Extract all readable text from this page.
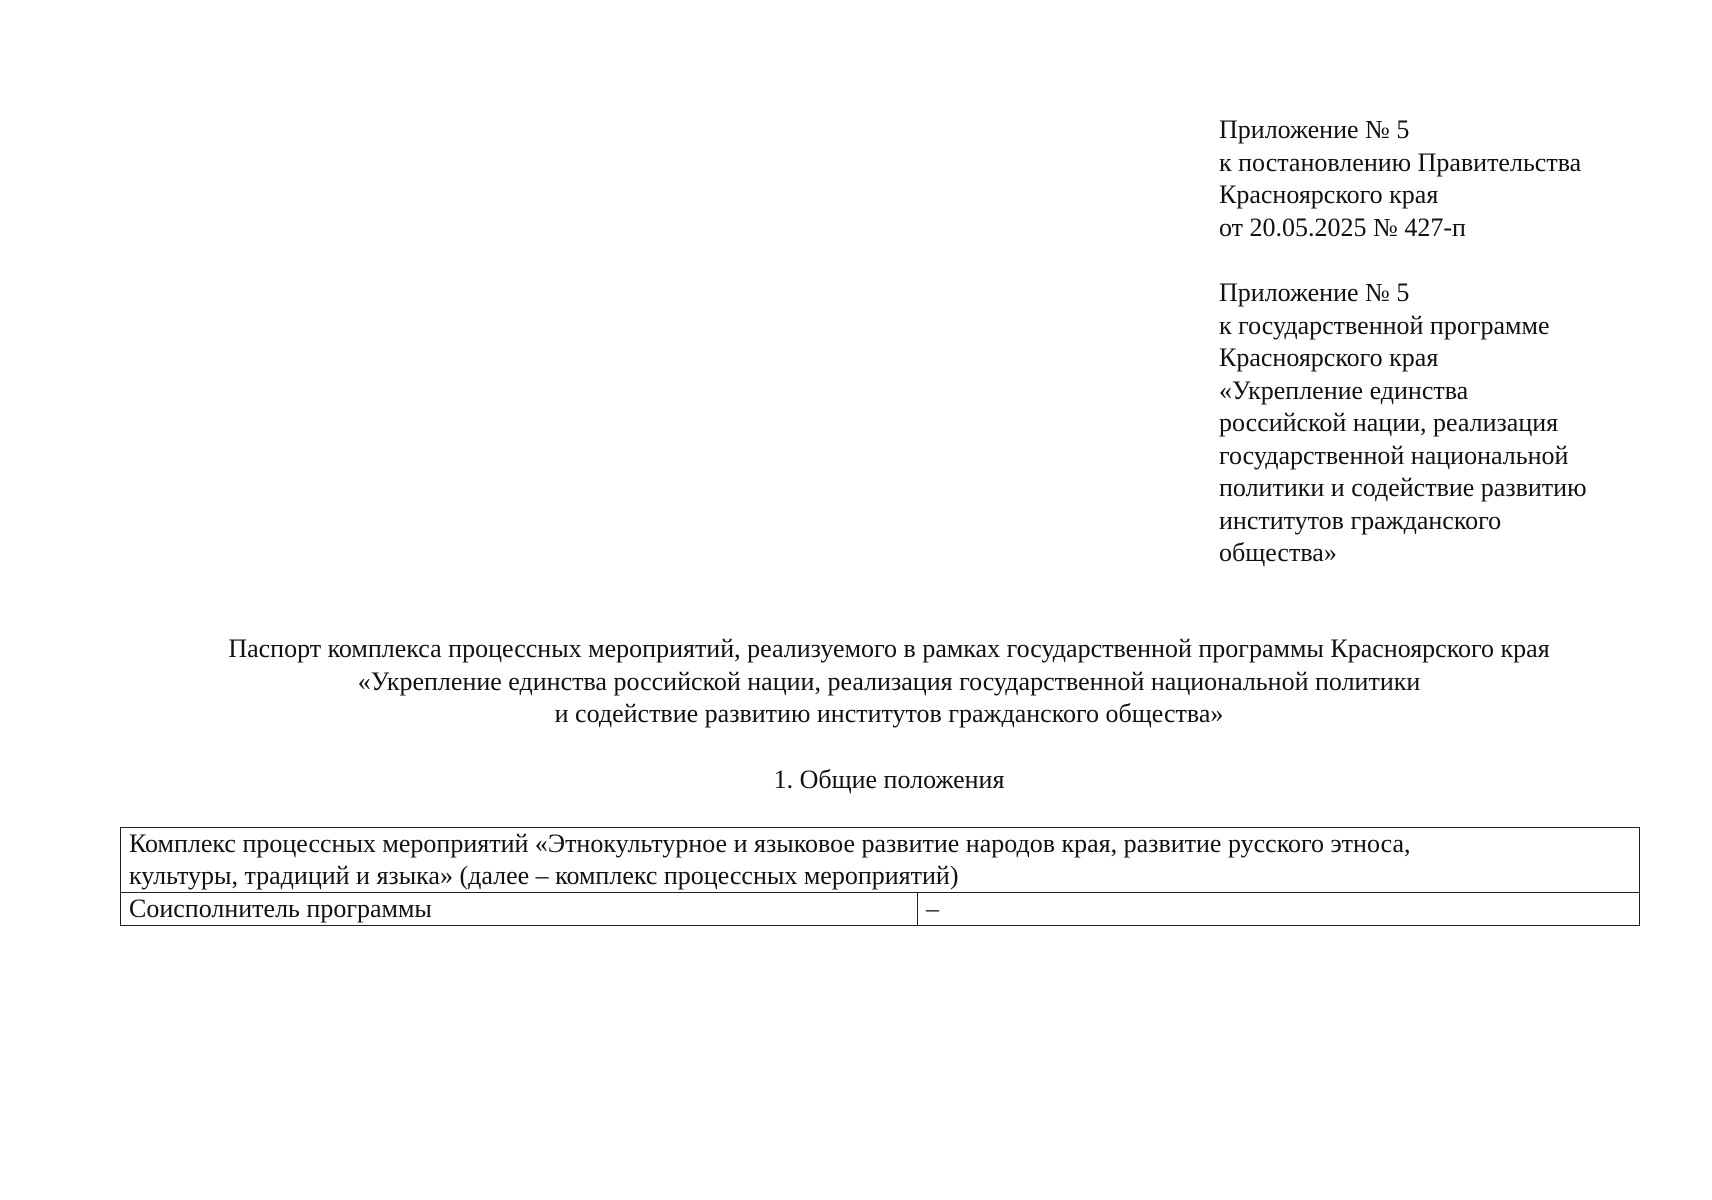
Приложение № 5
к постановлению Правительства
Красноярского края
от 20.05.2025 № 427-п
Приложение № 5
к государственной программе
Красноярского края
«Укрепление единства
российской нации, реализация
государственной национальной
политики и содействие развитию
институтов гражданского
общества»
Паспорт комплекса процессных мероприятий, реализуемого в рамках государственной программы Красноярского края
«Укрепление единства российской нации, реализация государственной национальной политики
и содействие развитию институтов гражданского общества»
1. Общие положения
Комплекс процессных мероприятий «Этнокультурное и языковое развитие народов края, развитие русского этноса,
культуры, традиций и языка» (далее – комплекс процессных мероприятий)
Соисполнитель программы	–
